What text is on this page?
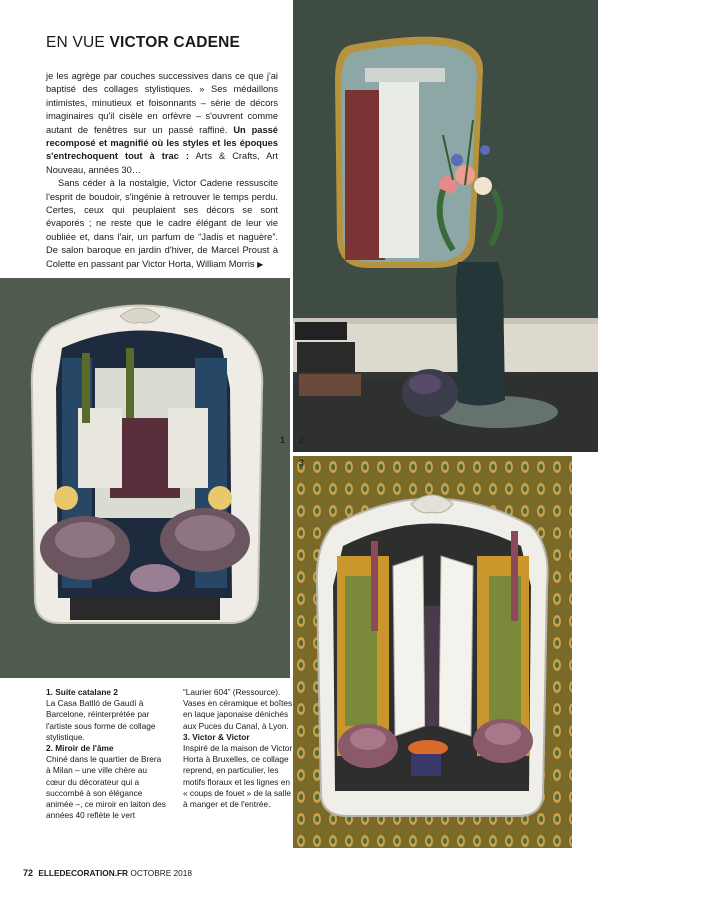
EN VUE VICTOR CADENE

je les agrège par couches successives dans ce que j'ai baptisé des collages stylistiques. » Ses médaillons intimistes, minutieux et foisonnants – série de décors imaginaires qu'il cisèle en orfèvre – s'ouvrent comme autant de fenêtres sur un passé raffiné. Un passé recomposé et magnifié où les styles et les époques s'entrechoquent tout à trac : Arts & Crafts, Art Nouveau, années 30…

Sans céder à la nostalgie, Victor Cadene ressuscite l'esprit de boudoir, s'ingénie à retrouver le temps perdu. Certes, ceux qui peuplaient ses décors se sont évaporés ; ne reste que le cadre élégant de leur vie oubliée et, dans l'air, un parfum de “Jadis et naguère”. De salon baroque en jardin d'hiver, de Marcel Proust à Colette en passant par Victor Horta, William Morris ▶

1 2
3
1. Suite catalane 2
La Casa Batlló de Gaudí à Barcelone, réinterprétée par l'artiste sous forme de collage stylistique.
2. Miroir de l'âme
Chiné dans le quartier de Brera à Milan – une ville chère au cœur du décorateur qui a succombé à son élégance animée –, ce miroir en laiton des années 40 reflète le vert
“Laurier 604” (Ressource). Vases en céramique et boîtes en laque japonaise dénichés aux Puces du Canal, à Lyon.
3. Victor & Victor
Inspiré de la maison de Victor Horta à Bruxelles, ce collage reprend, en particulier, les motifs floraux et les lignes en « coups de fouet » de la salle à manger et de l'entrée.
72 ELLEDECORATION.FR OCTOBRE 2018
